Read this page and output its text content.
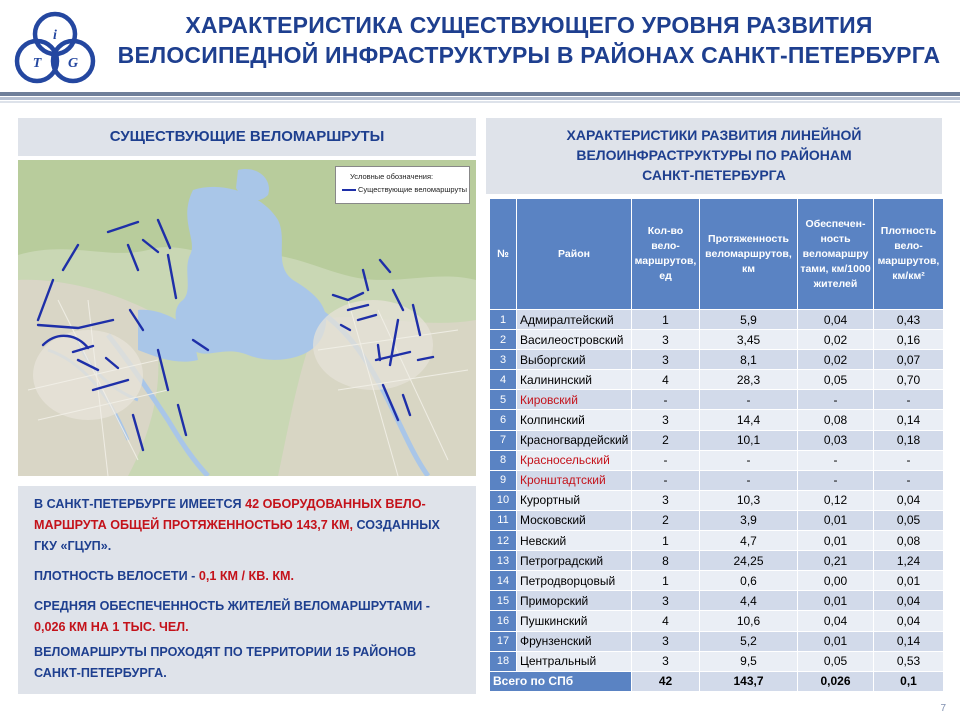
i
T G
ХАРАКТЕРИСТИКА СУЩЕСТВУЮЩЕГО УРОВНЯ РАЗВИТИЯ
ВЕЛОСИПЕДНОЙ ИНФРАСТРУКТУРЫ В РАЙОНАХ САНКТ-ПЕТЕРБУРГА
СУЩЕСТВУЮЩИЕ ВЕЛОМАРШРУТЫ
Условные обозначения:
Существующие веломаршруты

В САНКТ-ПЕТЕРБУРГЕ ИМЕЕТСЯ 42 ОБОРУДОВАННЫХ ВЕЛО-МАРШРУТА ОБЩЕЙ ПРОТЯЖЕННОСТЬЮ 143,7 КМ, СОЗДАННЫХ ГКУ «ГЦУП».

ПЛОТНОСТЬ ВЕЛОСЕТИ - 0,1 КМ / КВ. КМ.

СРЕДНЯЯ ОБЕСПЕЧЕННОСТЬ ЖИТЕЛЕЙ ВЕЛОМАРШРУТАМИ - 0,026 КМ НА 1 ТЫС. ЧЕЛ.

ВЕЛОМАРШРУТЫ ПРОХОДЯТ ПО ТЕРРИТОРИИ 15 РАЙОНОВ САНКТ-ПЕТЕРБУРГА.

ХАРАКТЕРИСТИКИ РАЗВИТИЯ ЛИНЕЙНОЙ
ВЕЛОИНФРАСТРУКТУРЫ ПО РАЙОНАМ
САНКТ-ПЕТЕРБУРГА
№	Район	Кол-во вело-маршрутов, ед	Протяженность веломаршрутов, км	Обеспечен-ность веломаршру тами, км/1000 жителей	Плотность вело-маршрутов, км/км²
1	Адмиралтейский	1	5,9	0,04	0,43
2	Василеостровский	3	3,45	0,02	0,16
3	Выборгский	3	8,1	0,02	0,07
4	Калининский	4	28,3	0,05	0,70
5	Кировский	-	-	-	-
6	Колпинский	3	14,4	0,08	0,14
7	Красногвардейский	2	10,1	0,03	0,18
8	Красносельский	-	-	-	-
9	Кронштадтский	-	-	-	-
10	Курортный	3	10,3	0,12	0,04
11	Московский	2	3,9	0,01	0,05
12	Невский	1	4,7	0,01	0,08
13	Петроградский	8	24,25	0,21	1,24
14	Петродворцовый	1	0,6	0,00	0,01
15	Приморский	3	4,4	0,01	0,04
16	Пушкинский	4	10,6	0,04	0,04
17	Фрунзенский	3	5,2	0,01	0,14
18	Центральный	3	9,5	0,05	0,53
Всего по СПб		42	143,7	0,026	0,1
7
